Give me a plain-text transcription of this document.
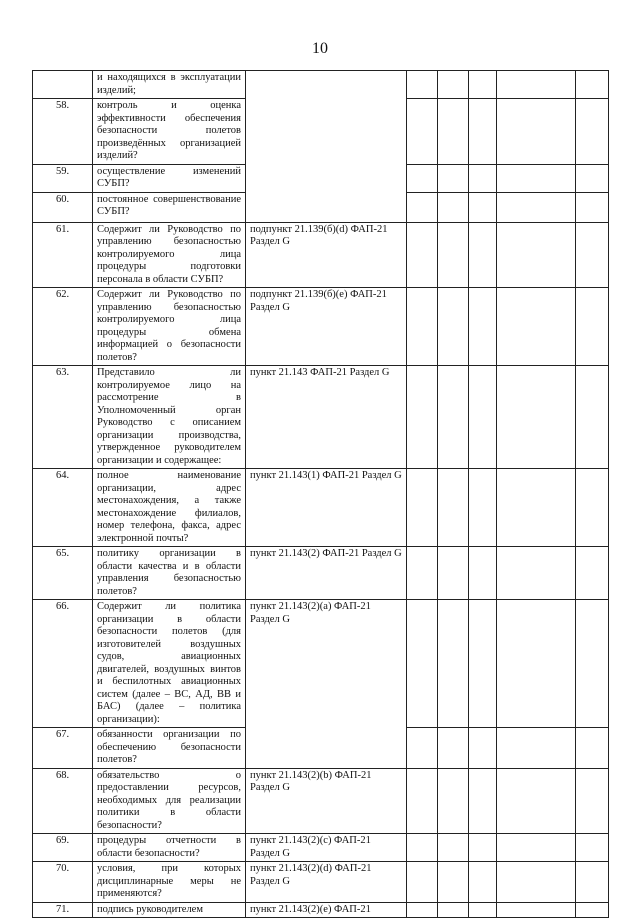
10
	и находящихся в эксплуатации изделий;						
58.	контроль и оценка эффективности обеспечения безопасности полетов произведённых организацией изделий?						
59.	осуществление изменений СУБП?						
60.	постоянное совершенствование СУБП?						
61.	Содержит ли Руководство по управлению безопасностью контролируемого лица процедуры подготовки персонала в области СУБП?	подпункт 21.139(б)(d) ФАП-21 Раздел G					
62.	Содержит ли Руководство по управлению безопасностью контролируемого лица процедуры обмена информацией о безопасности полетов?	подпункт 21.139(б)(e) ФАП-21 Раздел G					
63.	Представило ли контролируемое лицо на рассмотрение в Уполномоченный орган Руководство с описанием организации производства, утвержденное руководителем организации и содержащее:	пункт 21.143 ФАП-21 Раздел G					
64.	полное наименование организации, адрес местонахождения, а также местонахождение филиалов, номер телефона, факса, адрес электронной почты?	пункт 21.143(1) ФАП-21 Раздел G					
65.	политику организации в области качества и в области управления безопасностью полетов?	пункт 21.143(2) ФАП-21 Раздел G					
66.	Содержит ли политика организации в области безопасности полетов (для изготовителей воздушных судов, авиационных двигателей, воздушных винтов и беспилотных авиационных систем (далее – ВС, АД, ВВ и БАС) (далее – политика организации):	пункт 21.143(2)(a) ФАП-21 Раздел G					
67.	обязанности организации по обеспечению безопасности полетов?						
68.	обязательство о предоставлении ресурсов, необходимых для реализации политики в области безопасности?	пункт 21.143(2)(b) ФАП-21 Раздел G					
69.	процедуры отчетности в области безопасности?	пункт 21.143(2)(c) ФАП-21 Раздел G					
70.	условия, при которых дисциплинарные меры не применяются?	пункт 21.143(2)(d) ФАП-21 Раздел G					
71.	подпись руководителем	пункт 21.143(2)(e) ФАП-21					
